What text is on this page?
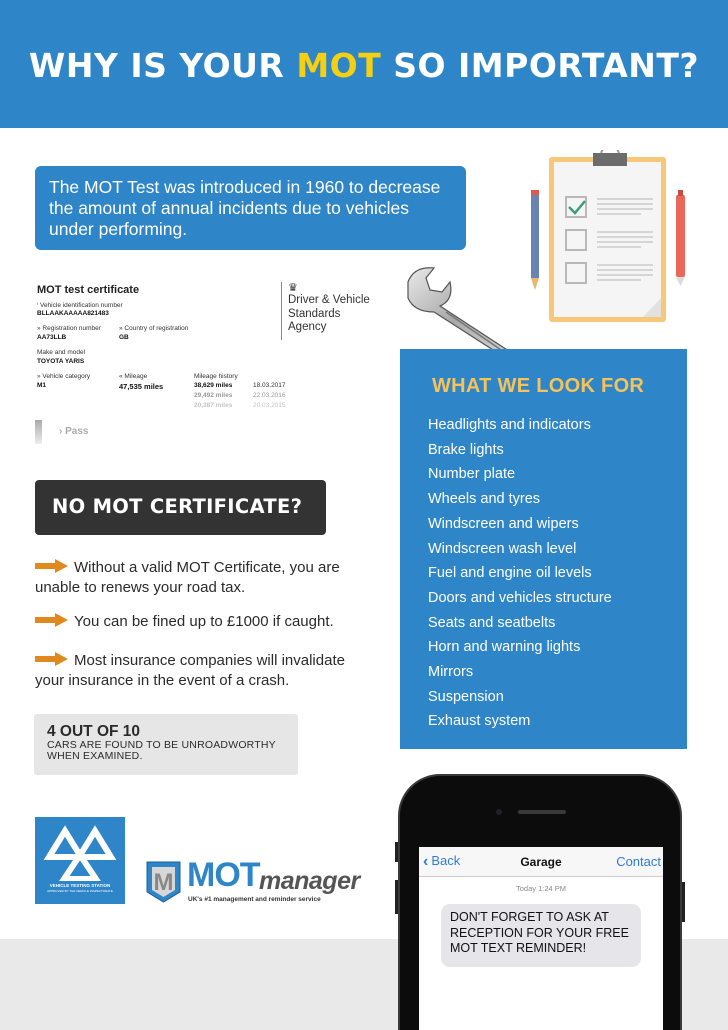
WHY IS YOUR MOT SO IMPORTANT?
The MOT Test was introduced in 1960 to decrease the amount of annual incidents due to vehicles under performing.
MOT test certificate
ⁱ Vehicle identification number
BLLAAKAAAAA821483
» Registration number
AA73LLB
» Country of registration
GB
Make and model
TOYOTA YARIS
» Vehicle category
M1
« Mileage
47,535 miles
Mileage history
38,629 miles	18.03.2017
29,492 miles	22.03.2016
20,387 miles	20.03.2015
› Pass
♛
Driver & Vehicle
Standards
Agency
WHAT WE LOOK FOR
Headlights and indicators
Brake lights
Number plate
Wheels and tyres
Windscreen and wipers
Windscreen wash level
Fuel and engine oil levels
Doors and vehicles structure
Seats and seatbelts
Horn and warning lights
Mirrors
Suspension
Exhaust system
NO MOT CERTIFICATE?
Without a valid MOT Certificate, you are unable to renews your road tax.
You can be fined up to £1000 if caught.
Most insurance companies will invalidate your insurance in the event of a crash.
4 OUT OF 10
CARS ARE FOUND TO BE UNROADWORTHY WHEN EXAMINED.
VEHICLE TESTING STATION
APPROVED BY THE VEHICLE INSPECTORATE	M MOT manager
UK's #1 management and reminder service
‹ Back	Garage	Contact
Today 1:24 PM
DON'T FORGET TO ASK AT RECEPTION FOR YOUR FREE MOT TEXT REMINDER!
